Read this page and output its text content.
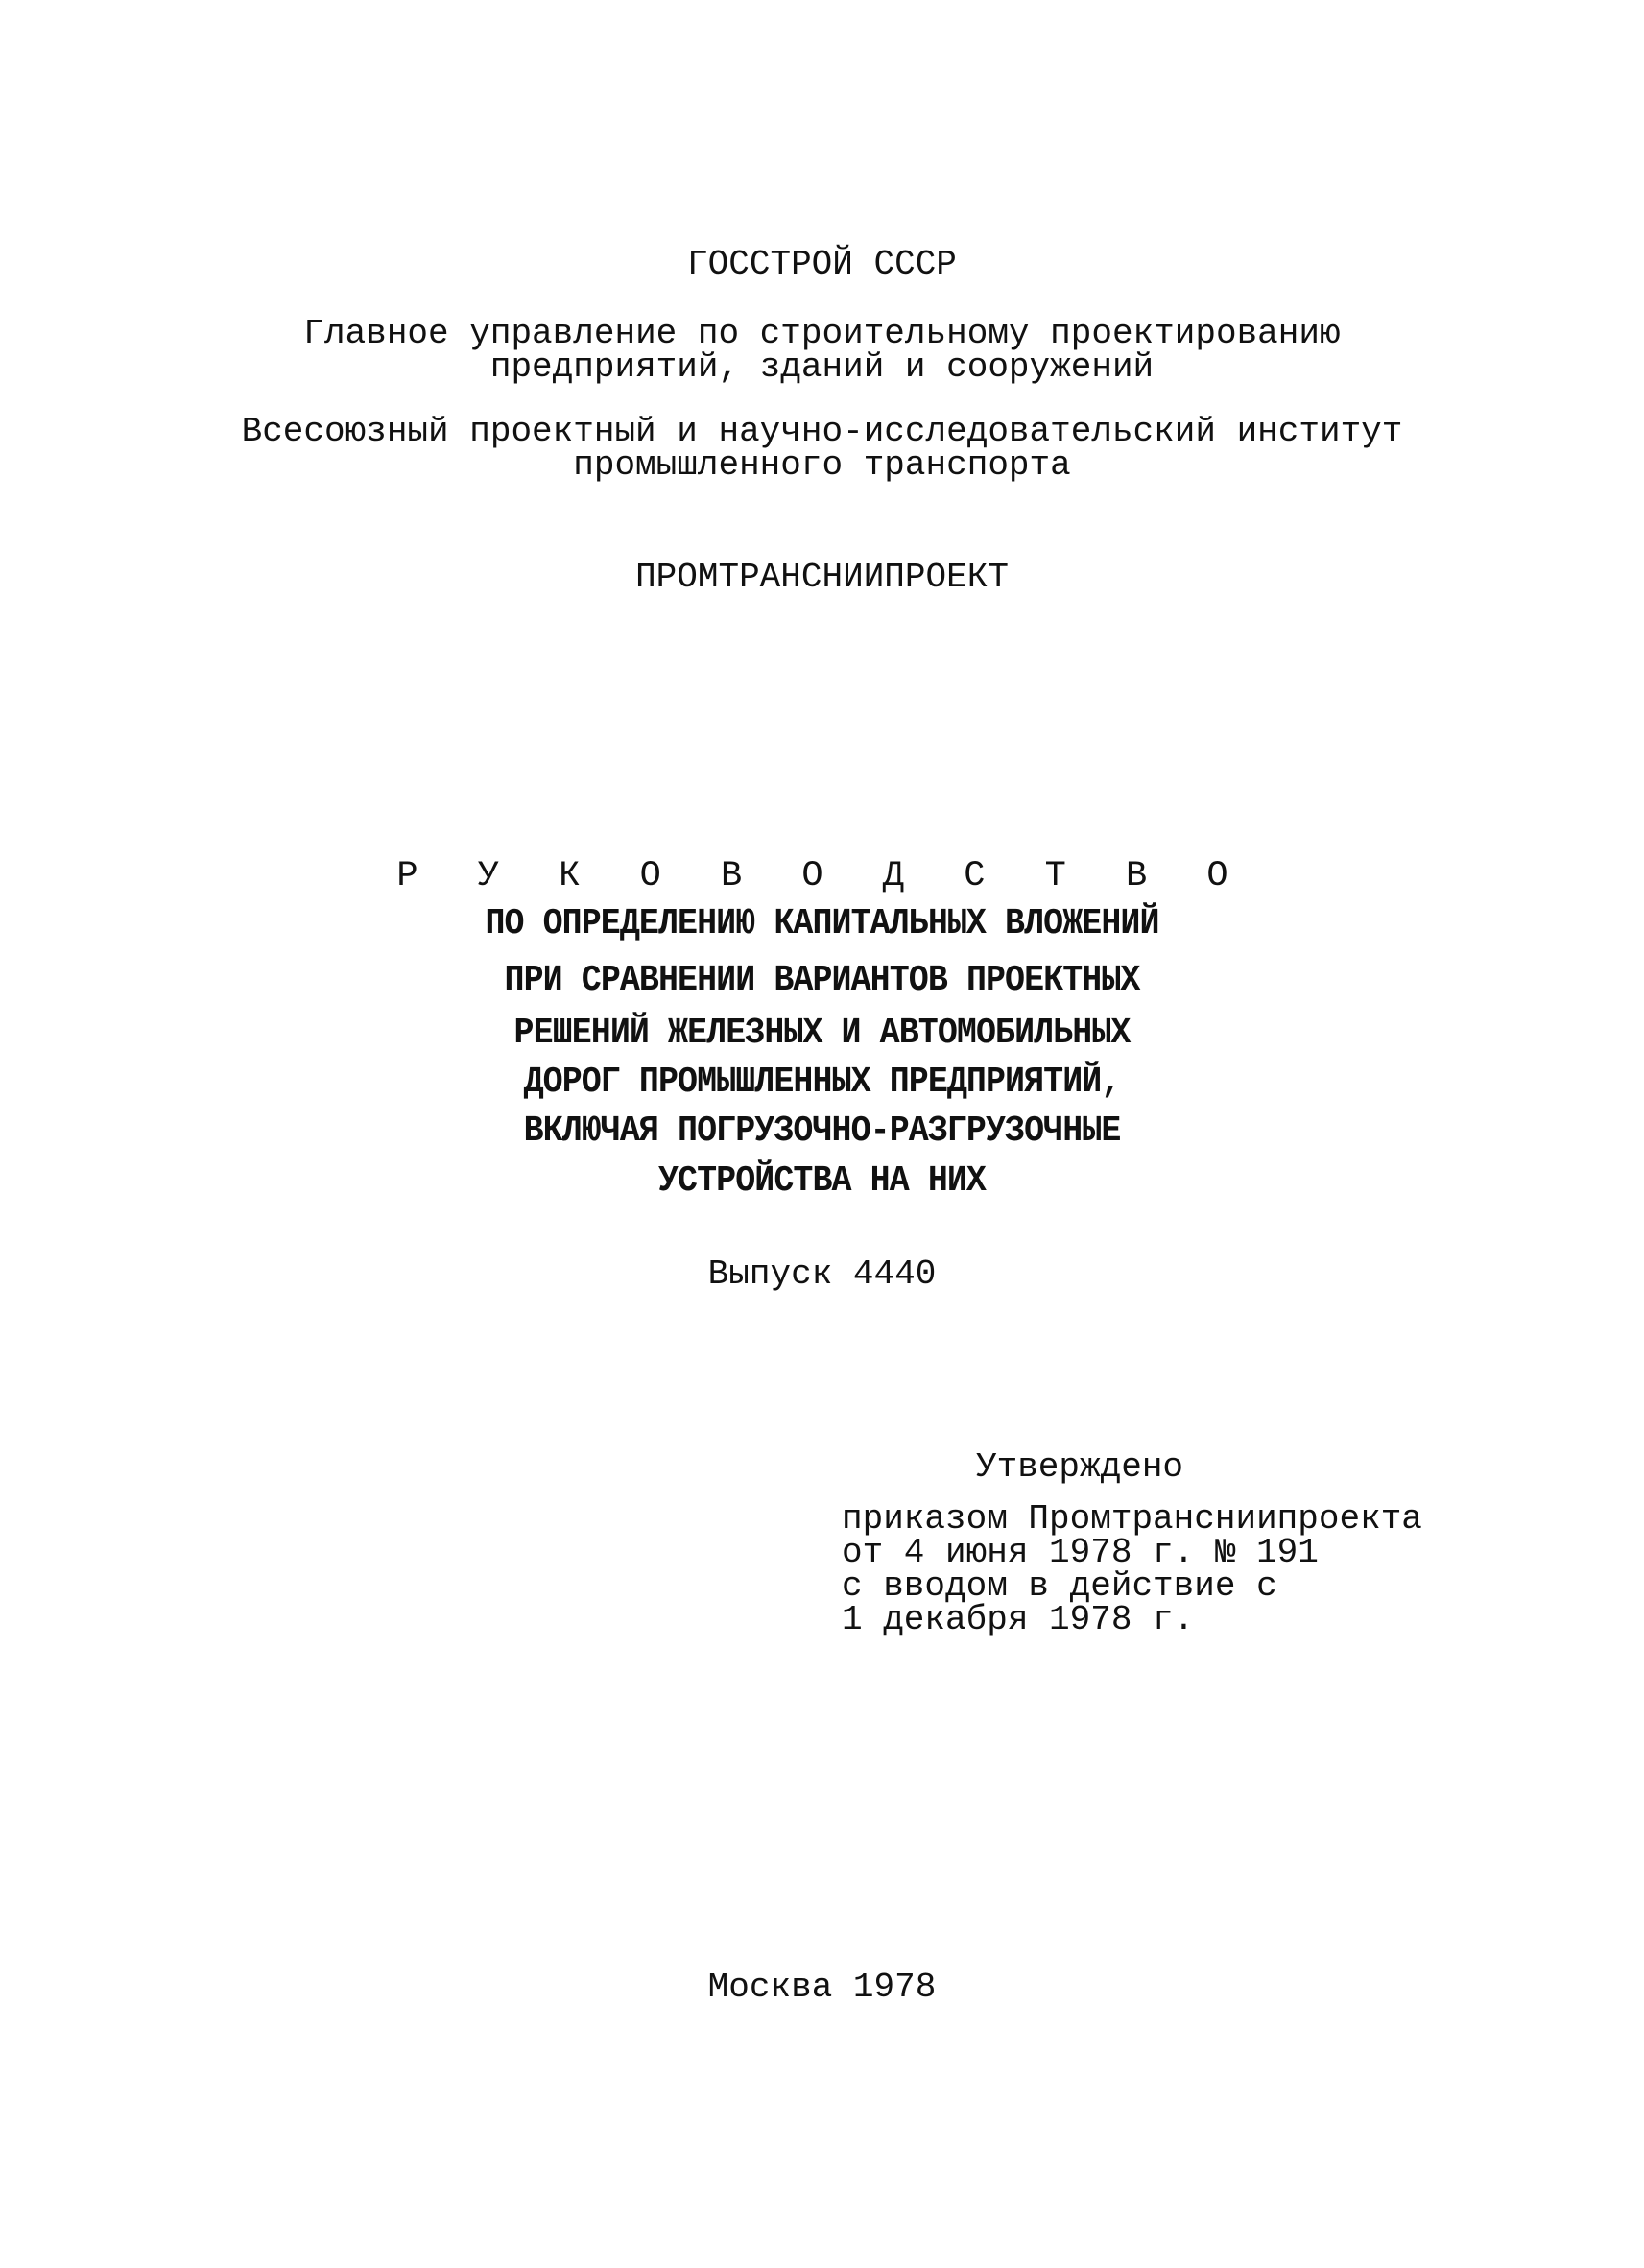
ГОССТРОЙ СССР
Главное управление по строительному проектированию
предприятий, зданий и сооружений
Всесоюзный проектный и научно-исследовательский институт
промышленного транспорта
ПРОМТРАНСНИИПРОЕКТ
Р У К О В О Д С Т В О
ПО ОПРЕДЕЛЕНИЮ КАПИТАЛЬНЫХ ВЛОЖЕНИЙ
ПРИ СРАВНЕНИИ ВАРИАНТОВ ПРОЕКТНЫХ
РЕШЕНИЙ ЖЕЛЕЗНЫХ И АВТОМОБИЛЬНЫХ
ДОРОГ ПРОМЫШЛЕННЫХ ПРЕДПРИЯТИЙ,
ВКЛЮЧАЯ ПОГРУЗОЧНО-РАЗГРУЗОЧНЫЕ
УСТРОЙСТВА НА НИХ
Выпуск 4440
Утверждено
приказом Промтрансниипроекта
от 4 июня 1978 г. № 191
с вводом в действие с
1 декабря 1978 г.
Москва 1978
